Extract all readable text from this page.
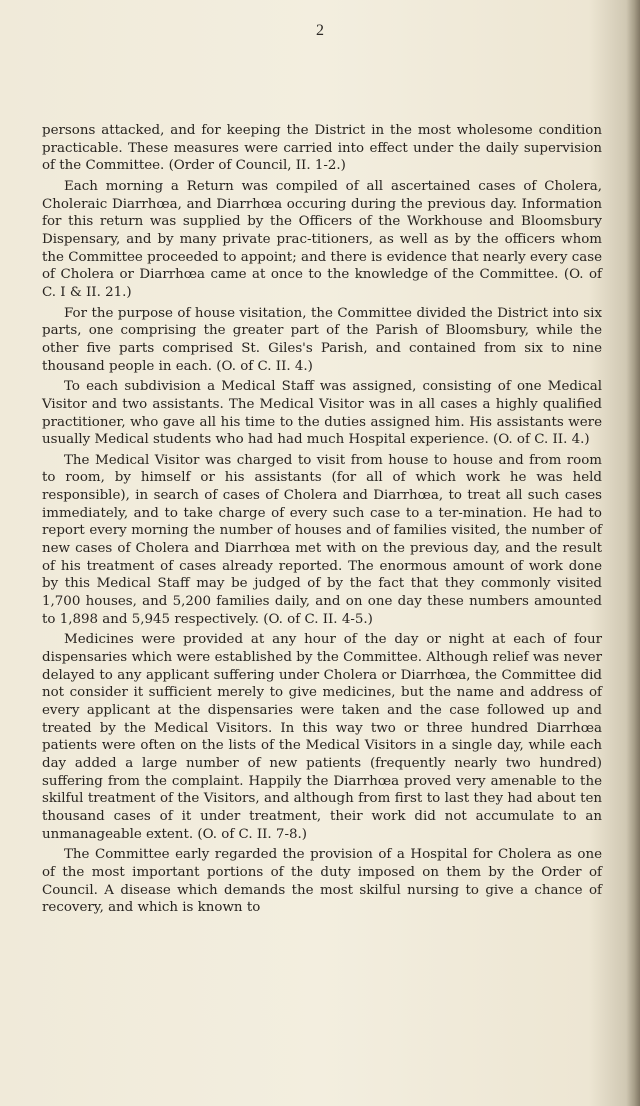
2

persons attacked, and for keeping the District in the most wholesome condition practicable. These measures were carried into effect under the daily supervision of the Committee. (Order of Council, II. 1-2.)

Each morning a Return was compiled of all ascertained cases of Cholera, Choleraic Diarrhœa, and Diarrhœa occuring during the previous day. Information for this return was supplied by the Officers of the Workhouse and Bloomsbury Dispensary, and by many private prac-titioners, as well as by the officers whom the Committee proceeded to appoint; and there is evidence that nearly every case of Cholera or Diarrhœa came at once to the knowledge of the Committee. (O. of C. I & II. 21.)

For the purpose of house visitation, the Committee divided the District into six parts, one comprising the greater part of the Parish of Bloomsbury, while the other five parts comprised St. Giles's Parish, and contained from six to nine thousand people in each. (O. of C. II. 4.)

To each subdivision a Medical Staff was assigned, consisting of one Medical Visitor and two assistants. The Medical Visitor was in all cases a highly qualified practitioner, who gave all his time to the duties assigned him. His assistants were usually Medical students who had had much Hospital experience. (O. of C. II. 4.)

The Medical Visitor was charged to visit from house to house and from room to room, by himself or his assistants (for all of which work he was held responsible), in search of cases of Cholera and Diarrhœa, to treat all such cases immediately, and to take charge of every such case to a ter-mination. He had to report every morning the number of houses and of families visited, the number of new cases of Cholera and Diarrhœa met with on the previous day, and the result of his treatment of cases already reported. The enormous amount of work done by this Medical Staff may be judged of by the fact that they commonly visited 1,700 houses, and 5,200 families daily, and on one day these numbers amounted to 1,898 and 5,945 respectively. (O. of C. II. 4-5.)

Medicines were provided at any hour of the day or night at each of four dispensaries which were established by the Committee. Although relief was never delayed to any applicant suffering under Cholera or Diarrhœa, the Committee did not consider it sufficient merely to give medicines, but the name and address of every applicant at the dispensaries were taken and the case followed up and treated by the Medical Visitors. In this way two or three hundred Diarrhœa patients were often on the lists of the Medical Visitors in a single day, while each day added a large number of new patients (frequently nearly two hundred) suffering from the complaint. Happily the Diarrhœa proved very amenable to the skilful treatment of the Visitors, and although from first to last they had about ten thousand cases of it under treatment, their work did not accumulate to an unmanageable extent. (O. of C. II. 7-8.)

The Committee early regarded the provision of a Hospital for Cholera as one of the most important portions of the duty imposed on them by the Order of Council. A disease which demands the most skilful nursing to give a chance of recovery, and which is known to
